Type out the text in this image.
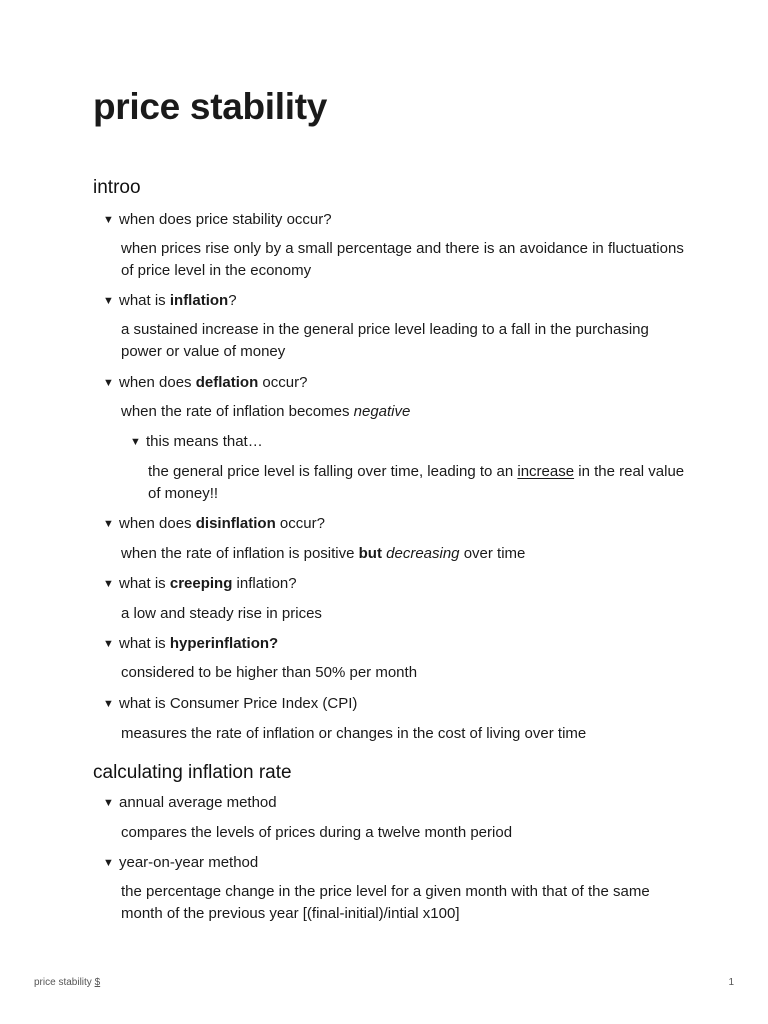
price stability
introo
▼ when does price stability occur?
when prices rise only by a small percentage and there is an avoidance in fluctuations of price level in the economy
▼ what is inflation?
a sustained increase in the general price level leading to a fall in the purchasing power or value of money
▼ when does deflation occur?
when the rate of inflation becomes negative
▼ this means that…
the general price level is falling over time, leading to an increase in the real value of money!!
▼ when does disinflation occur?
when the rate of inflation is positive but decreasing over time
▼ what is creeping inflation?
a low and steady rise in prices
▼ what is hyperinflation?
considered to be higher than 50% per month
▼ what is Consumer Price Index (CPI)
measures the rate of inflation or changes in the cost of living over time
calculating inflation rate
▼ annual average method
compares the levels of prices during a twelve month period
▼ year-on-year method
the percentage change in the price level for a given month with that of the same month of the previous year [(final-initial)/intial x100]
price stability $	1
